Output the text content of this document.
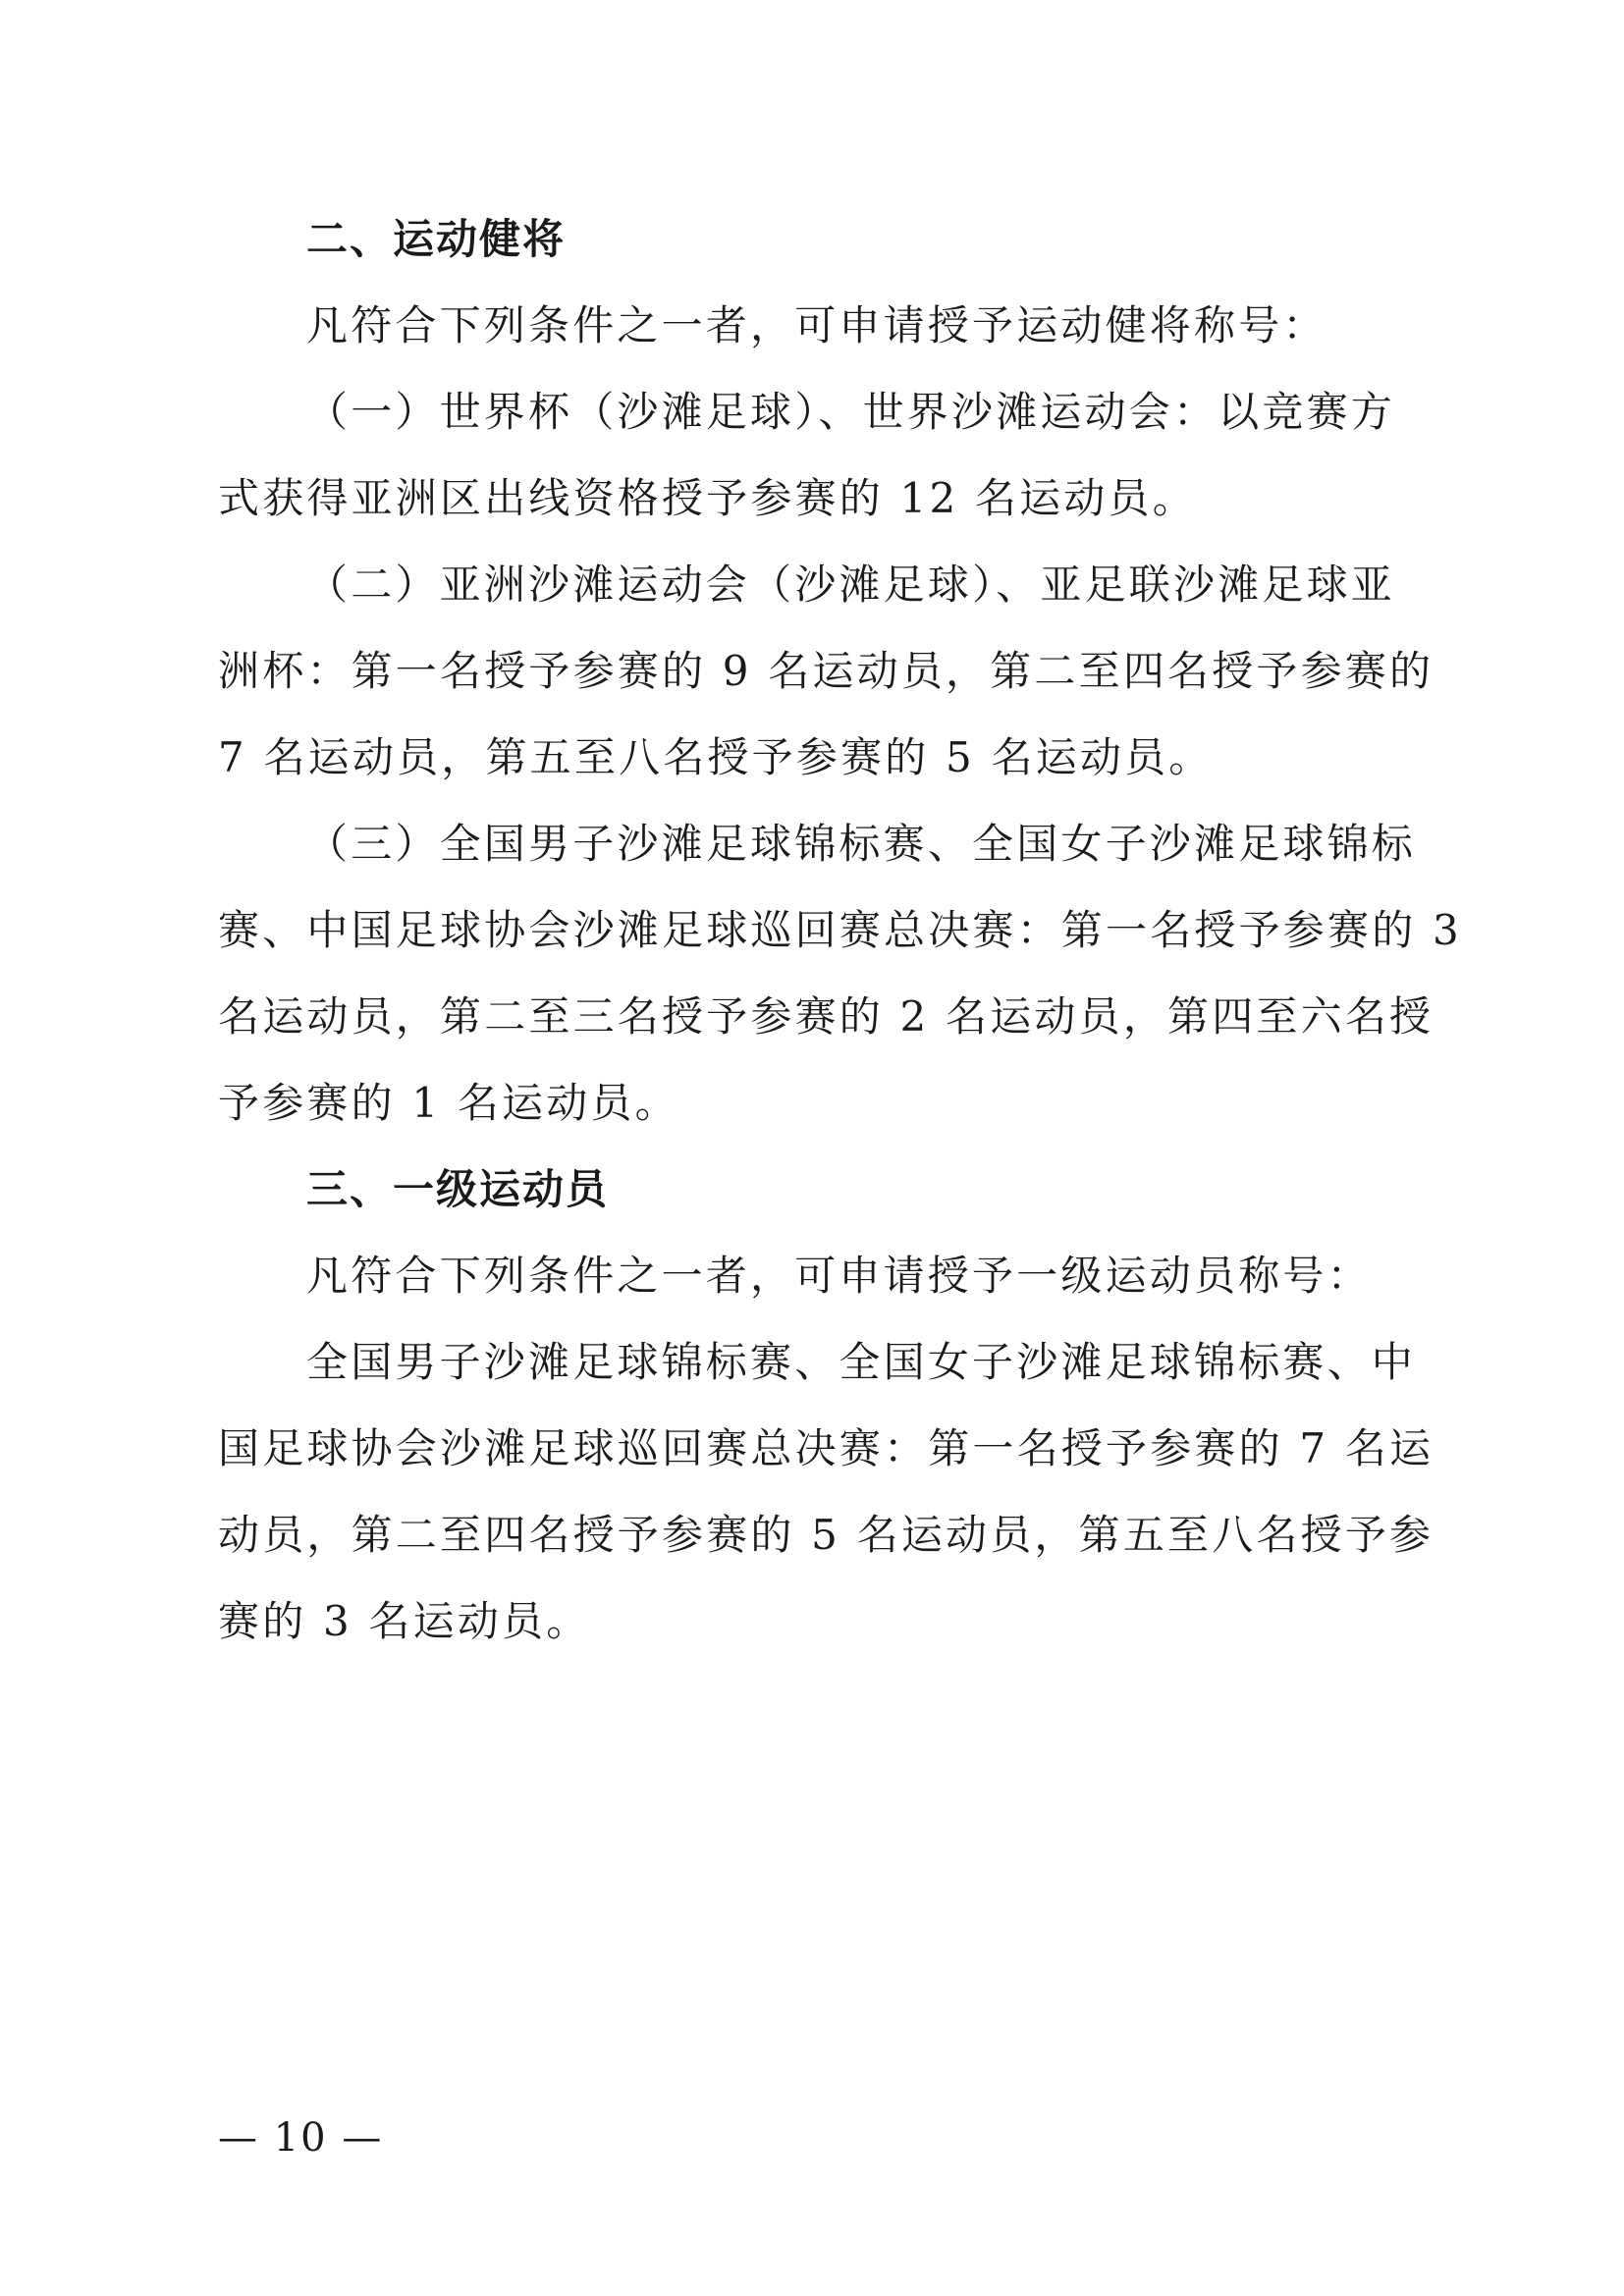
二、运动健将
凡符合下列条件之一者，可申请授予运动健将称号：
（一）世界杯（沙滩足球）、世界沙滩运动会：以竞赛方
式获得亚洲区出线资格授予参赛的 12 名运动员。
（二）亚洲沙滩运动会（沙滩足球）、亚足联沙滩足球亚
洲杯：第一名授予参赛的 9 名运动员，第二至四名授予参赛的
7 名运动员，第五至八名授予参赛的 5 名运动员。
（三）全国男子沙滩足球锦标赛、全国女子沙滩足球锦标
赛、中国足球协会沙滩足球巡回赛总决赛：第一名授予参赛的 3
名运动员，第二至三名授予参赛的 2 名运动员，第四至六名授
予参赛的 1 名运动员。
三、一级运动员
凡符合下列条件之一者，可申请授予一级运动员称号：
全国男子沙滩足球锦标赛、全国女子沙滩足球锦标赛、中
国足球协会沙滩足球巡回赛总决赛：第一名授予参赛的 7 名运
动员，第二至四名授予参赛的 5 名运动员，第五至八名授予参
赛的 3 名运动员。
— 10 —
